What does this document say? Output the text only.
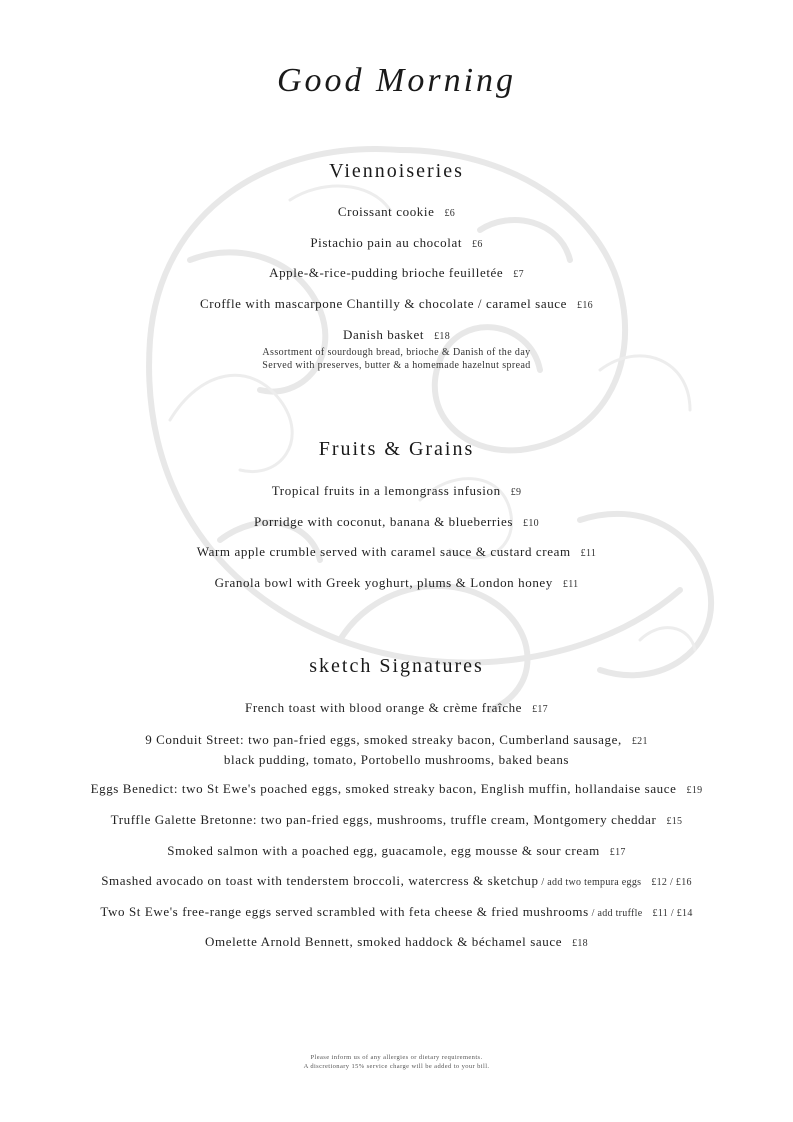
Good Morning
Viennoiseries
Croissant cookie £6
Pistachio pain au chocolat £6
Apple-&-rice-pudding brioche feuilletée £7
Croffle with mascarpone Chantilly & chocolate / caramel sauce £16
Danish basket £18
Assortment of sourdough bread, brioche & Danish of the day
Served with preserves, butter & a homemade hazelnut spread
Fruits & Grains
Tropical fruits in a lemongrass infusion £9
Porridge with coconut, banana & blueberries £10
Warm apple crumble served with caramel sauce & custard cream £11
Granola bowl with Greek yoghurt, plums & London honey £11
sketch Signatures
French toast with blood orange & crème fraîche £17
9 Conduit Street: two pan-fried eggs, smoked streaky bacon, Cumberland sausage, £21
black pudding, tomato, Portobello mushrooms, baked beans
Eggs Benedict: two St Ewe's poached eggs, smoked streaky bacon, English muffin, hollandaise sauce £19
Truffle Galette Bretonne: two pan-fried eggs, mushrooms, truffle cream, Montgomery cheddar £15
Smoked salmon with a poached egg, guacamole, egg mousse & sour cream £17
Smashed avocado on toast with tenderstem broccoli, watercress & sketchup / add two tempura eggs £12 / £16
Two St Ewe's free-range eggs served scrambled with feta cheese & fried mushrooms / add truffle £11 / £14
Omelette Arnold Bennett, smoked haddock & béchamel sauce £18
Please inform us of any allergies or dietary requirements.
A discretionary 15% service charge will be added to your bill.
